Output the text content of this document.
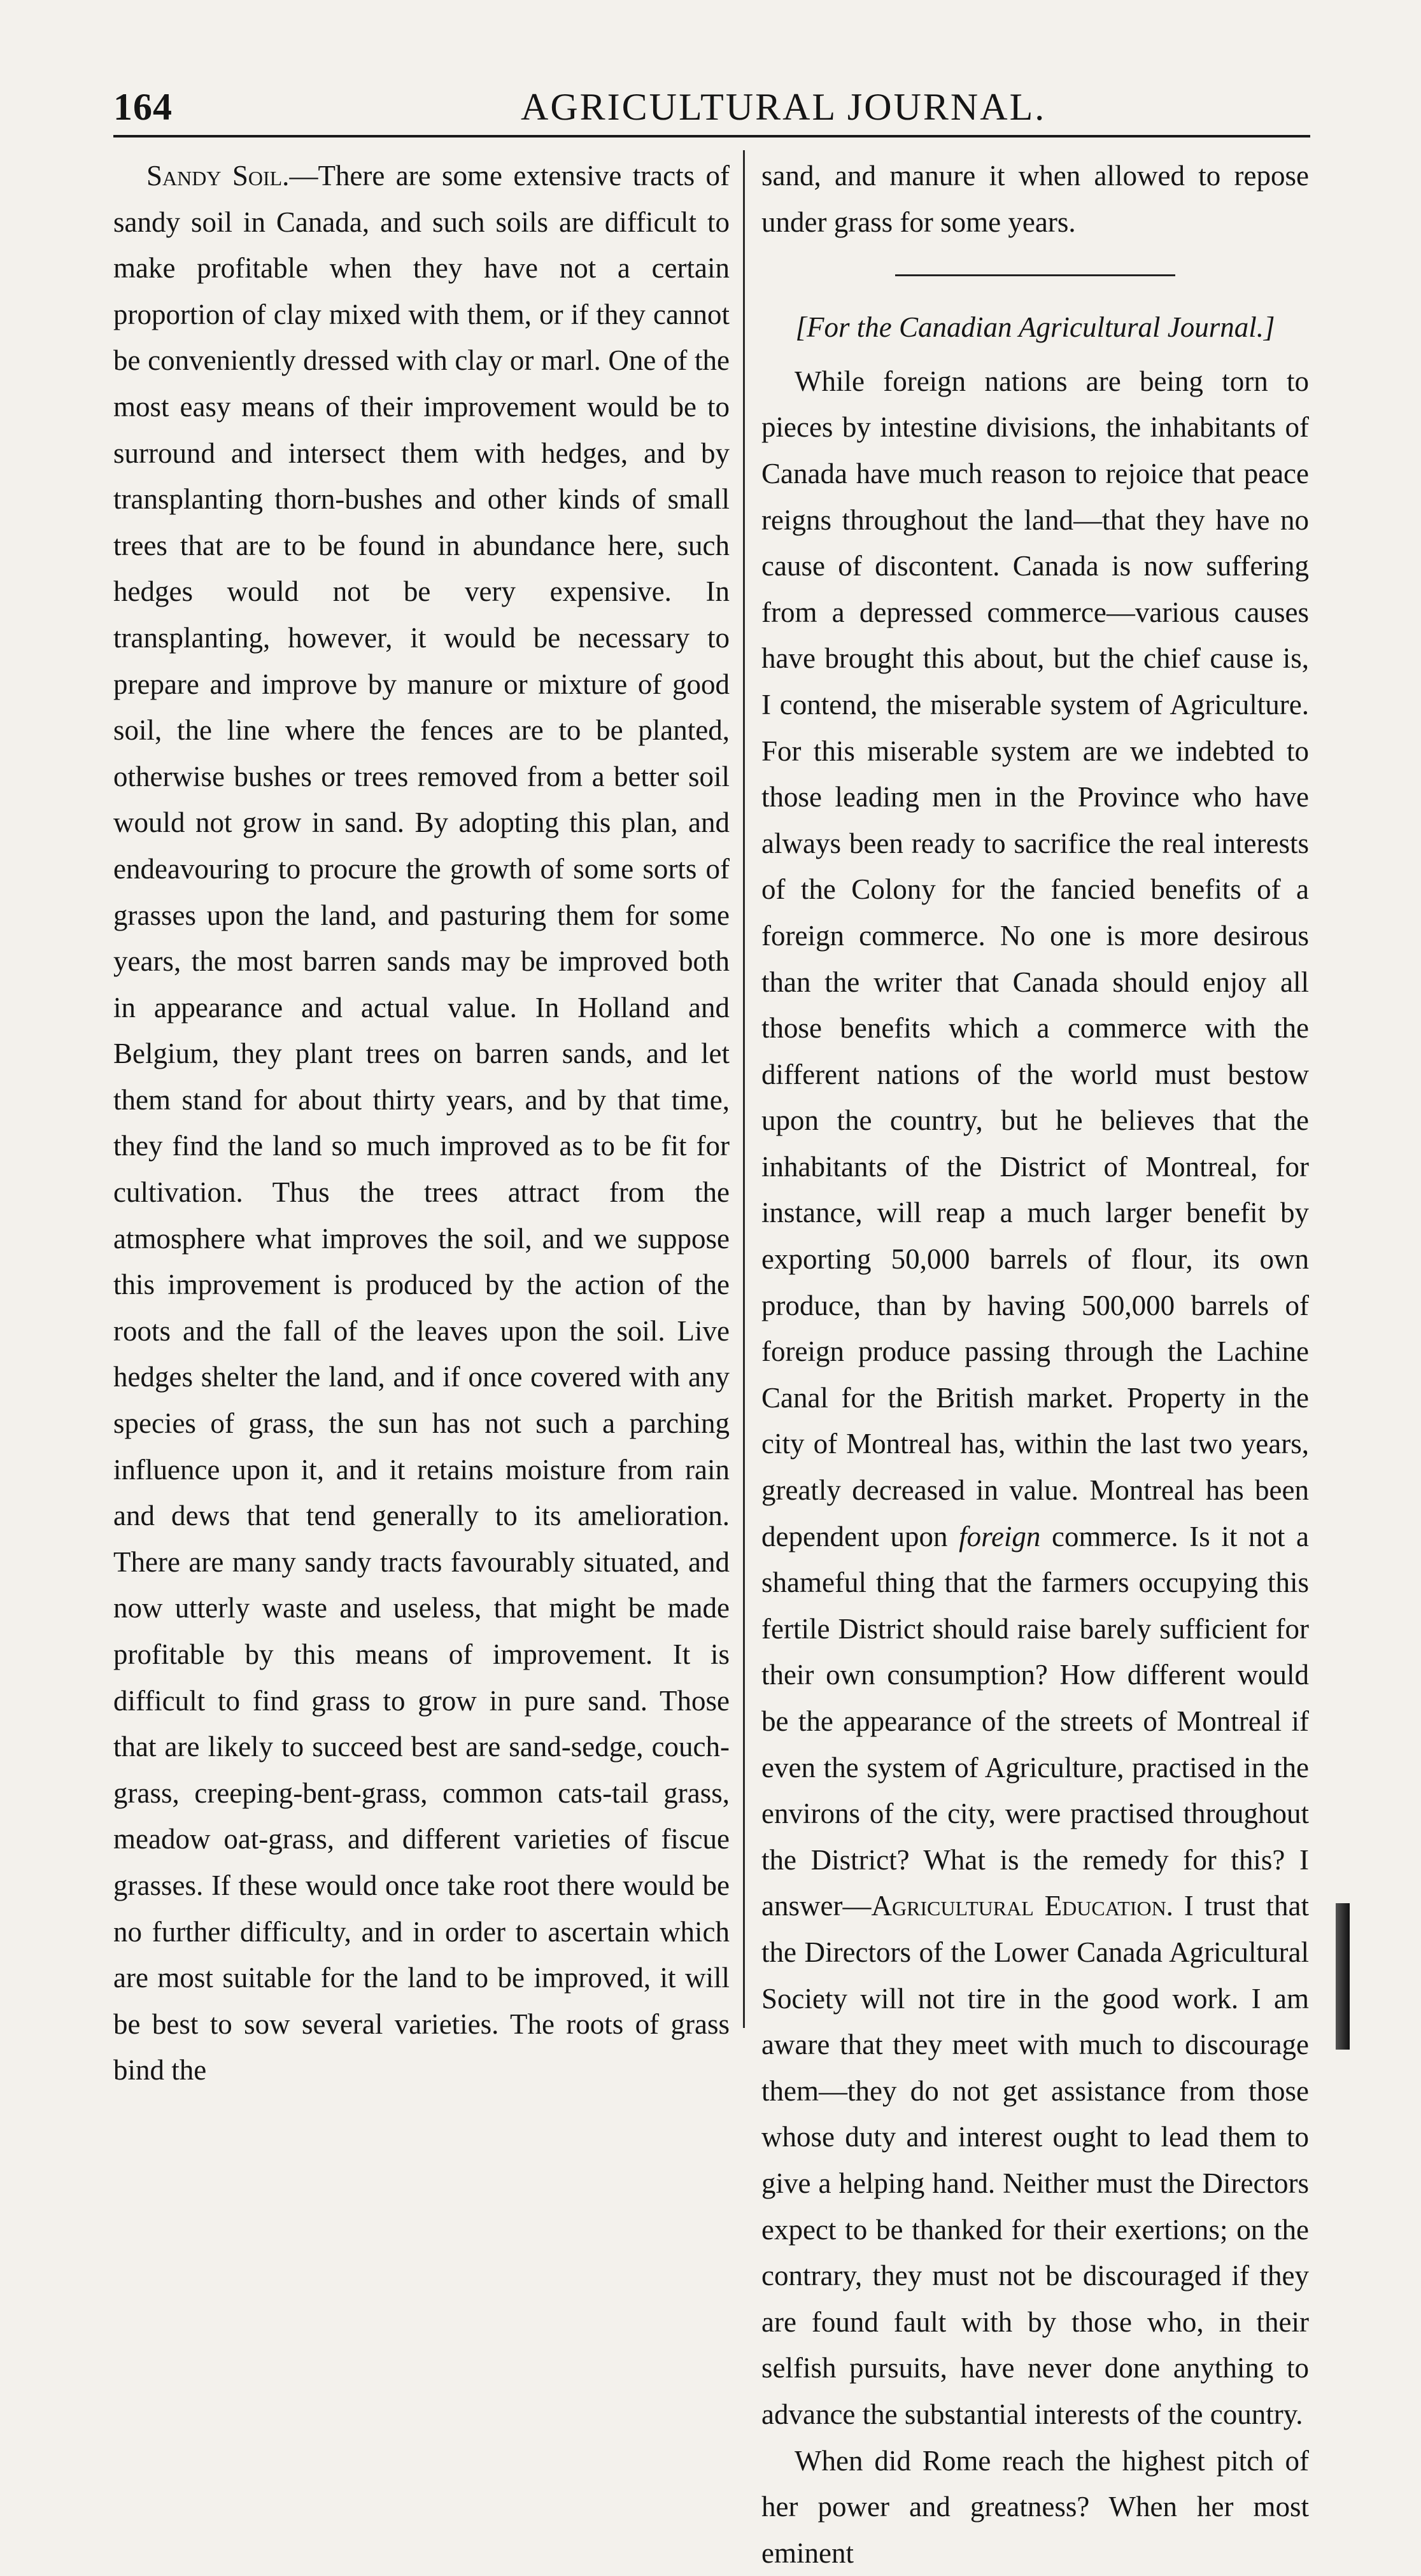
164	AGRICULTURAL JOURNAL.

Sandy Soil.—There are some extensive tracts of sandy soil in Canada, and such soils are difficult to make profitable when they have not a certain proportion of clay mixed with them, or if they cannot be conveniently dressed with clay or marl. One of the most easy means of their improvement would be to surround and intersect them with hedges, and by transplanting thorn-bushes and other kinds of small trees that are to be found in abundance here, such hedges would not be very expensive. In transplanting, however, it would be necessary to prepare and improve by manure or mixture of good soil, the line where the fences are to be planted, otherwise bushes or trees removed from a better soil would not grow in sand. By adopting this plan, and endeavouring to procure the growth of some sorts of grasses upon the land, and pasturing them for some years, the most barren sands may be improved both in appearance and actual value. In Holland and Belgium, they plant trees on barren sands, and let them stand for about thirty years, and by that time, they find the land so much improved as to be fit for cultivation. Thus the trees attract from the atmosphere what improves the soil, and we suppose this improvement is produced by the action of the roots and the fall of the leaves upon the soil. Live hedges shelter the land, and if once covered with any species of grass, the sun has not such a parching influence upon it, and it retains moisture from rain and dews that tend generally to its amelioration. There are many sandy tracts favourably situated, and now utterly waste and useless, that might be made profitable by this means of improvement. It is difficult to find grass to grow in pure sand. Those that are likely to succeed best are sand-sedge, couch-grass, creeping-bent-grass, common cats-tail grass, meadow oat-grass, and different varieties of fiscue grasses. If these would once take root there would be no further difficulty, and in order to ascertain which are most suitable for the land to be improved, it will be best to sow several varieties. The roots of grass bind the

sand, and manure it when allowed to repose under grass for some years.

[For the Canadian Agricultural Journal.]

While foreign nations are being torn to pieces by intestine divisions, the inhabitants of Canada have much reason to rejoice that peace reigns throughout the land—that they have no cause of discontent. Canada is now suffering from a depressed commerce—various causes have brought this about, but the chief cause is, I contend, the miserable system of Agriculture. For this miserable system are we indebted to those leading men in the Province who have always been ready to sacrifice the real interests of the Colony for the fancied benefits of a foreign commerce. No one is more desirous than the writer that Canada should enjoy all those benefits which a commerce with the different nations of the world must bestow upon the country, but he believes that the inhabitants of the District of Montreal, for instance, will reap a much larger benefit by exporting 50,000 barrels of flour, its own produce, than by having 500,000 barrels of foreign produce passing through the Lachine Canal for the British market. Property in the city of Montreal has, within the last two years, greatly decreased in value. Montreal has been dependent upon foreign commerce. Is it not a shameful thing that the farmers occupying this fertile District should raise barely sufficient for their own consumption? How different would be the appearance of the streets of Montreal if even the system of Agriculture, practised in the environs of the city, were practised throughout the District? What is the remedy for this? I answer—Agricultural Education. I trust that the Directors of the Lower Canada Agricultural Society will not tire in the good work. I am aware that they meet with much to discourage them—they do not get assistance from those whose duty and interest ought to lead them to give a helping hand. Neither must the Directors expect to be thanked for their exertions; on the contrary, they must not be discouraged if they are found fault with by those who, in their selfish pursuits, have never done anything to advance the substantial interests of the country.

When did Rome reach the highest pitch of her power and greatness? When her most eminent
